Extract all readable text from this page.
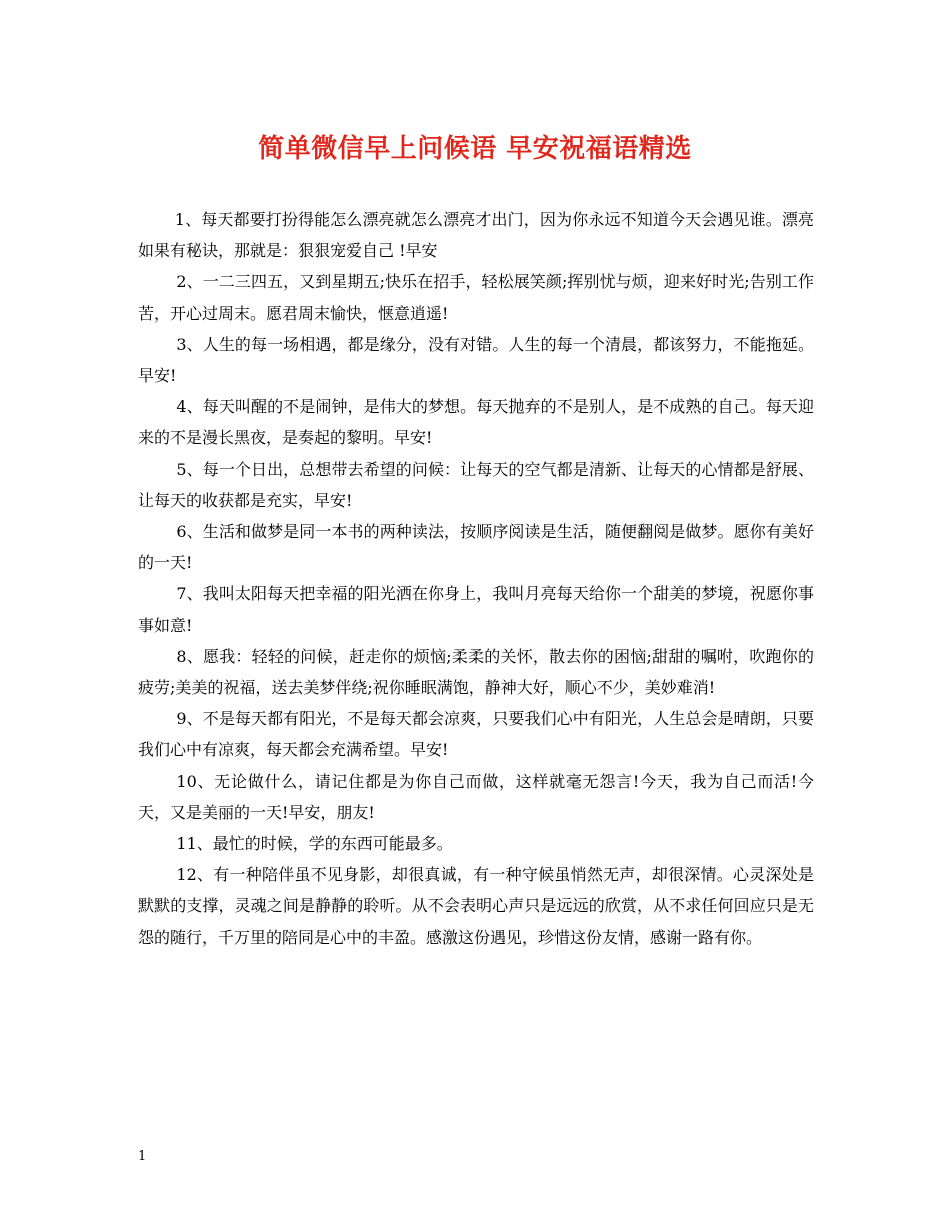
简单微信早上问候语 早安祝福语精选

1、每天都要打扮得能怎么漂亮就怎么漂亮才出门，因为你永远不知道今天会遇见谁。漂亮如果有秘诀，那就是：狠狠宠爱自己 !早安

2、一二三四五，又到星期五;快乐在招手，轻松展笑颜;挥别忧与烦，迎来好时光;告别工作苦，开心过周末。愿君周末愉快，惬意逍遥!

3、人生的每一场相遇，都是缘分，没有对错。人生的每一个清晨，都该努力，不能拖延。早安!

4、每天叫醒的不是闹钟，是伟大的梦想。每天抛弃的不是别人，是不成熟的自己。每天迎来的不是漫长黑夜，是奏起的黎明。早安!

5、每一个日出，总想带去希望的问候：让每天的空气都是清新、让每天的心情都是舒展、让每天的收获都是充实，早安!

6、生活和做梦是同一本书的两种读法，按顺序阅读是生活，随便翻阅是做梦。愿你有美好的一天!

7、我叫太阳每天把幸福的阳光洒在你身上，我叫月亮每天给你一个甜美的梦境，祝愿你事事如意!

8、愿我：轻轻的问候，赶走你的烦恼;柔柔的关怀，散去你的困恼;甜甜的嘱咐，吹跑你的疲劳;美美的祝福，送去美梦伴绕;祝你睡眠满饱，静神大好，顺心不少，美妙难消!

9、不是每天都有阳光，不是每天都会凉爽，只要我们心中有阳光，人生总会是晴朗，只要我们心中有凉爽，每天都会充满希望。早安!

10、无论做什么，请记住都是为你自己而做，这样就毫无怨言!今天，我为自己而活!今天，又是美丽的一天!早安，朋友!

11、最忙的时候，学的东西可能最多。

12、有一种陪伴虽不见身影，却很真诚，有一种守候虽悄然无声，却很深情。心灵深处是默默的支撑，灵魂之间是静静的聆听。从不会表明心声只是远远的欣赏，从不求任何回应只是无怨的随行，千万里的陪同是心中的丰盈。感激这份遇见，珍惜这份友情，感谢一路有你。

1
